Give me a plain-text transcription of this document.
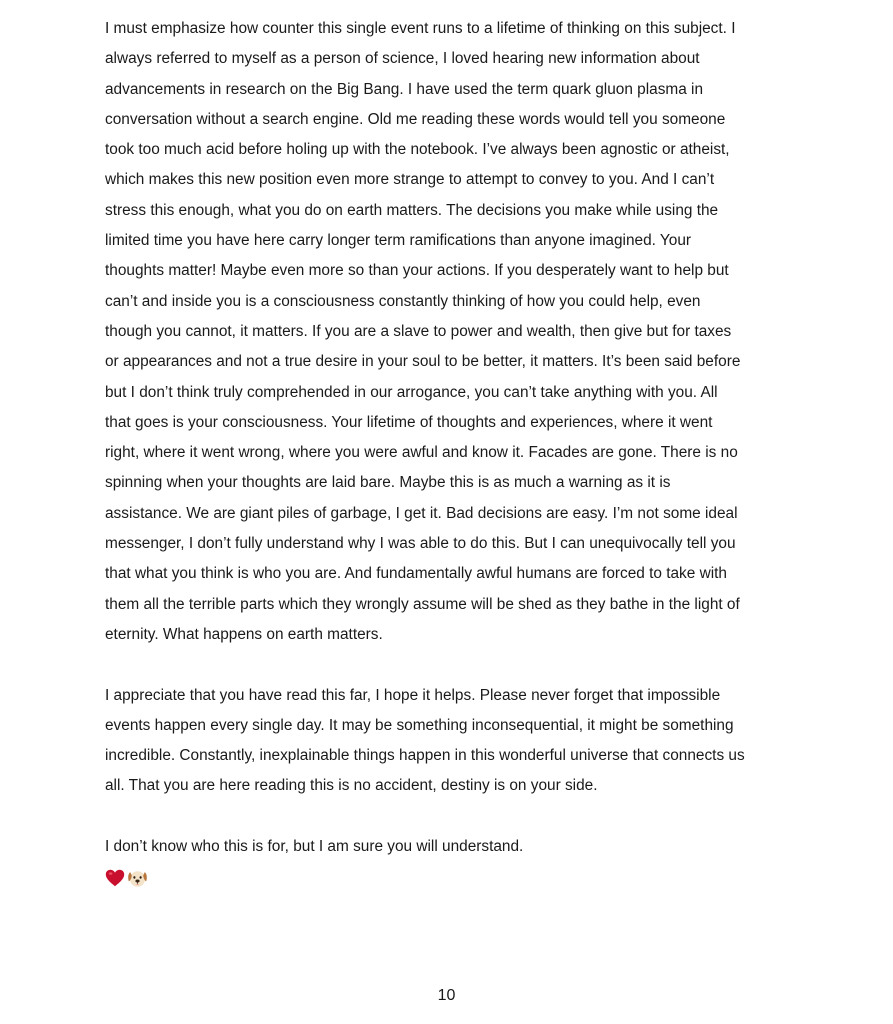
I must emphasize how counter this single event runs to a lifetime of thinking on this subject. I
always referred to myself as a person of science, I loved hearing new information about
advancements in research on the Big Bang. I have used the term quark gluon plasma in
conversation without a search engine. Old me reading these words would tell you someone
took too much acid before holing up with the notebook. I’ve always been agnostic or atheist,
which makes this new position even more strange to attempt to convey to you. And I can’t
stress this enough, what you do on earth matters. The decisions you make while using the
limited time you have here carry longer term ramifications than anyone imagined. Your
thoughts matter! Maybe even more so than your actions. If you desperately want to help but
can’t and inside you is a consciousness constantly thinking of how you could help, even
though you cannot, it matters. If you are a slave to power and wealth, then give but for taxes
or appearances and not a true desire in your soul to be better, it matters. It’s been said before
but I don’t think truly comprehended in our arrogance, you can’t take anything with you. All
that goes is your consciousness. Your lifetime of thoughts and experiences, where it went
right, where it went wrong, where you were awful and know it. Facades are gone. There is no
spinning when your thoughts are laid bare. Maybe this is as much a warning as it is
assistance. We are giant piles of garbage, I get it. Bad decisions are easy. I’m not some ideal
messenger, I don’t fully understand why I was able to do this. But I can unequivocally tell you
that what you think is who you are. And fundamentally awful humans are forced to take with
them all the terrible parts which they wrongly assume will be shed as they bathe in the light of
eternity. What happens on earth matters.

I appreciate that you have read this far, I hope it helps. Please never forget that impossible
events happen every single day. It may be something inconsequential, it might be something
incredible. Constantly, inexplainable things happen in this wonderful universe that connects us
all. That you are here reading this is no accident, destiny is on your side.

I don’t know who this is for, but I am sure you will understand.

10
